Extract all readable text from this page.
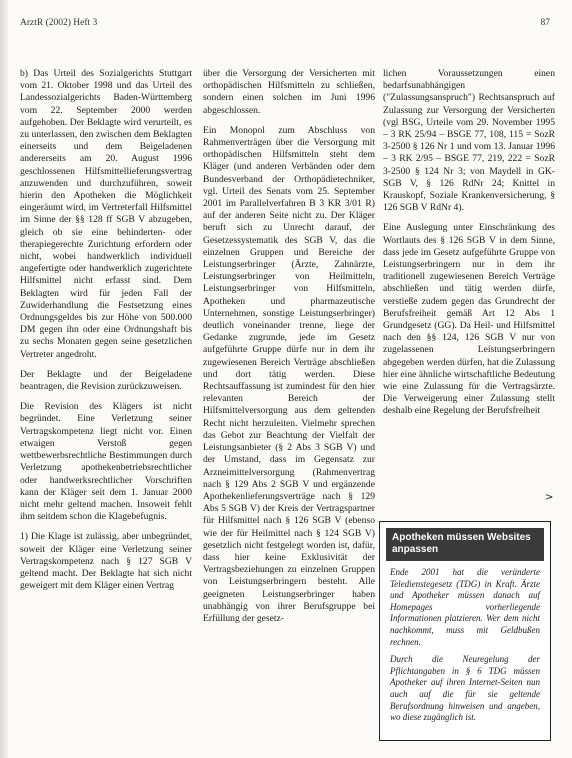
ArztR (2002) Heft 3	87

b) Das Urteil des Sozialgerichts Stuttgart vom 21. Oktober 1998 und das Urteil des Landessozialgerichts Baden-Württemberg vom 22. September 2000 werden aufgehoben. Der Beklagte wird verurteilt, es zu unterlassen, den zwischen dem Beklagten einerseits und dem Beigeladenen andererseits am 20. August 1996 geschlossenen Hilfsmittellieferungsvertrag anzuwenden und durchzuführen, soweit hierin den Apotheken die Möglichkeit eingeräumt wird, im Vertreterfall Hilfsmittel im Sinne der §§ 128 ff SGB V abzugeben, gleich ob sie eine behinderten- oder therapiegerechte Zurichtung erfordern oder nicht, wobei handwerklich individuell angefertigte oder handwerklich zugerichtete Hilfsmittel nicht erfasst sind. Dem Beklagten wird für jeden Fall der Zuwiderhandlung die Festsetzung eines Ordnungsgeldes bis zur Höhe von 500.000 DM gegen ihn oder eine Ordnungshaft bis zu sechs Monaten gegen seine gesetzlichen Vertreter angedroht.

Der Beklagte und der Beigeladene beantragen, die Revision zurückzuweisen.

Die Revision des Klägers ist nicht begründet. Eine Verletzung seiner Vertragskompetenz liegt nicht vor. Einen etwaigen Verstoß gegen wettbewerbsrechtliche Bestimmungen durch Verletzung apothekenbetriebsrechtlicher oder handwerksrechtlicher Vorschriften kann der Kläger seit dem 1. Januar 2000 nicht mehr geltend machen. Insoweit fehlt ihm seitdem schon die Klagebefugnis.

1) Die Klage ist zulässig, aber unbegründet, soweit der Kläger eine Verletzung seiner Vertragskompetenz nach § 127 SGB V geltend macht. Der Beklagte hat sich nicht geweigert mit dem Kläger einen Vertrag

über die Versorgung der Versicherten mit orthopädischen Hilfsmitteln zu schließen, sondern einen solchen im Juni 1996 abgeschlossen.

Ein Monopol zum Abschluss von Rahmenverträgen über die Versorgung mit orthopädischen Hilfsmitteln steht dem Kläger (und anderen Verbänden oder dem Bundesverband der Orthopädietechniker, vgl. Urteil des Senats vom 25. September 2001 im Parallelverfahren B 3 KR 3/01 R) auf der anderen Seite nicht zu. Der Kläger beruft sich zu Unrecht darauf, der Gesetzessystematik des SGB V, das die einzelnen Gruppen und Bereiche der Leistungserbringer (Ärzte, Zahnärzte, Leistungserbringer von Heilmitteln, Leistungserbringer von Hilfsmitteln, Apotheken und pharmazeutische Unternehmen, sonstige Leistungserbringer) deutlich voneinander trenne, liege der Gedanke zugrunde, jede im Gesetz aufgeführte Gruppe dürfe nur in dem ihr zugewiesenen Bereich Verträge abschließen und dort tätig werden. Diese Rechtsauffassung ist zumindest für den hier relevanten Bereich der Hilfsmittelversorgung aus dem geltenden Recht nicht herzuleiten. Vielmehr sprechen das Gebot zur Beachtung der Vielfalt der Leistungsanbieter (§ 2 Abs 3 SGB V) und der Umstand, dass im Gegensatz zur Arzneimittelversorgung (Rahmenvertrag nach § 129 Abs 2 SGB V und ergänzende Apothekenlieferungsverträge nach § 129 Abs 5 SGB V) der Kreis der Vertragspartner für Hilfsmittel nach § 126 SGB V (ebenso wie der für Heilmittel nach § 124 SGB V) gesetzlich nicht festgelegt worden ist, dafür, dass hier keine Exklusivität der Vertragsbeziehungen zu einzelnen Gruppen von Leistungserbringern besteht. Alle geeigneten Leistungserbringer haben unabhängig von ihrer Berufsgruppe bei Erfüllung der gesetz-

lichen Voraussetzungen einen bedarfsunabhängigen ("Zulassungsanspruch") Rechtsanspruch auf Zulassung zur Versorgung der Versicherten (vgl BSG, Urteile vom 29. November 1995 – 3 RK 25/94 – BSGE 77, 108, 115 = SozR 3-2500 § 126 Nr 1 und vom 13. Januar 1996 – 3 RK 2/95 – BSGE 77, 219, 222 = SozR 3-2500 § 124 Nr 3; von Maydell in GK-SGB V, § 126 RdNr 24; Knittel in Krauskopf, Soziale Krankenversicherung, § 126 SGB V RdNr 4).

Eine Auslegung unter Einschränkung des Wortlauts des § 126 SGB V in dem Sinne, dass jede im Gesetz aufgeführte Gruppe von Leistungserbringern nur in dem ihr traditionell zugewiesenen Bereich Verträge abschließen und tätig werden dürfe, verstieße zudem gegen das Grundrecht der Berufsfreiheit gemäß Art 12 Abs 1 Grundgesetz (GG). Da Heil- und Hilfsmittel nach den §§ 124, 126 SGB V nur von zugelassenen Leistungserbringern abgegeben werden dürfen, hat die Zulassung hier eine ähnliche wirtschaftliche Bedeutung wie eine Zulassung für die Vertragsärzte. Die Verweigerung einer Zulassung stellt deshalb eine Regelung der Berufsfreiheit

>
Apotheken müssen Websites anpassen

Ende 2001 hat die veränderte Teledienstegesetz (TDG) in Kraft. Ärzte und Apotheker müssen danach auf Homepages vorherliegende Informationen platzieren. Wer dem nicht nachkommt, muss mit Geldbußen rechnen.

Durch die Neuregelung der Pflichtangaben in § 6 TDG müssen Apotheker auf ihren Internet-Seiten nun auch auf die für sie geltende Berufsordnung hinweisen und angeben, wo diese zugänglich ist.
